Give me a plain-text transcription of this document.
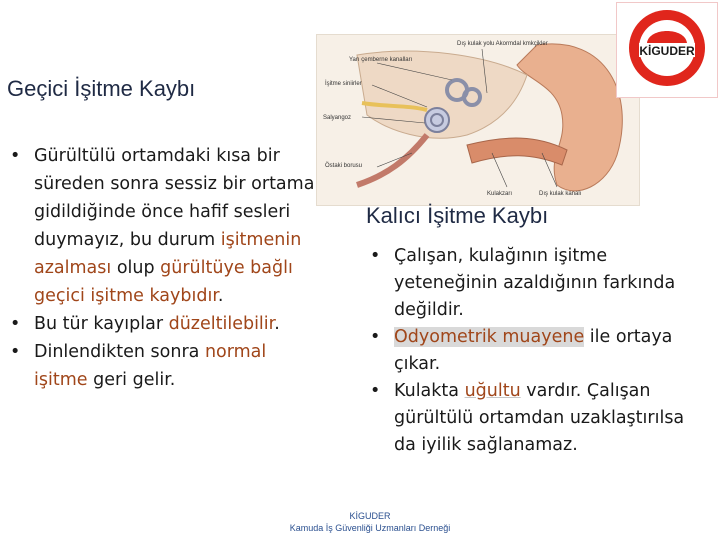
Geçici İşitme Kaybı
• Gürültülü ortamdaki kısa bir süreden sonra sessiz bir ortama gidildiğinde önce hafif sesleri duymayız, bu durum işitmenin azalması olup gürültüye bağlı geçici işitme kaybıdır.
• Bu tür kayıplar düzeltilebilir.
• Dinlendikten sonra normal işitme geri gelir.
Yarı çemberne kanalları
Dış kulak yolu Akormdal kmkçikler
İşitme siniirler
Salyangoz
Östaki borusu
Kulakzarı	Dış kulak kanalı
KİGUDER
Kalıcı İşitme Kaybı
• Çalışan, kulağının işitme yeteneğinin azaldığının farkında değildir.
• Odyometrik muayene ile ortaya çıkar.
• Kulakta uğultu vardır. Çalışan gürültülü ortamdan uzaklaştırılsa da iyilik sağlanamaz.
KİGUDER
Kamuda İş Güvenliği Uzmanları Derneği
